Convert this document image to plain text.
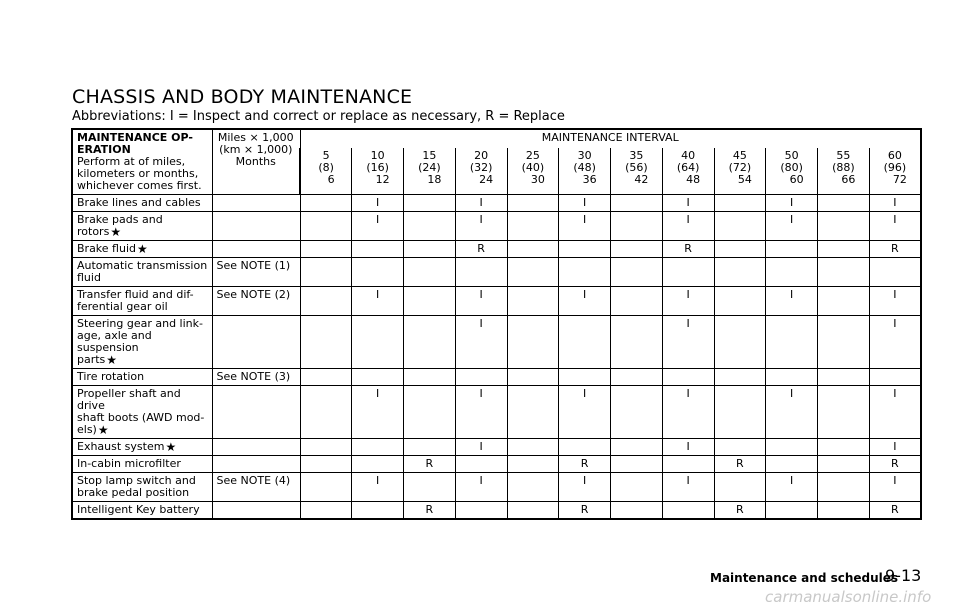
CHASSIS AND BODY MAINTENANCE
Abbreviations: I = Inspect and correct or replace as necessary, R = Replace
MAINTENANCE OP-
ERATION
Perform at of miles,
kilometers or months,
whichever comes first.	Miles × 1,000
(km × 1,000)
Months	MAINTENANCE INTERVAL											

		5
(8)
6	10
(16)
12	15
(24)
18	20
(32)
24	25
(40)
30	30
(48)
36	35
(56)
42	40
(64)
48	45
(72)
54	50
(80)
60	55
(88)
66	60
(96)
72

Brake lines and cables			I		I		I		I		I		I

Brake pads and rotors★			I		I		I		I		I		I

Brake fluid★					R				R				R

Automatic transmission
fluid	See NOTE (1)												

Transfer fluid and dif-
ferential gear oil	See NOTE (2)		I		I		I		I		I		I

Steering gear and link-
age, axle and suspension
parts★					I				I				I

Tire rotation	See NOTE (3)												

Propeller shaft and drive
shaft boots (AWD mod-
els)★			I		I		I		I		I		I

Exhaust system★					I				I				I

In-cabin microfilter				R			R			R			R

Stop lamp switch and
brake pedal position	See NOTE (4)		I		I		I		I		I		I

Intelligent Key battery				R			R			R			R
Maintenance and schedules
9-13
carmanualsonline.info
